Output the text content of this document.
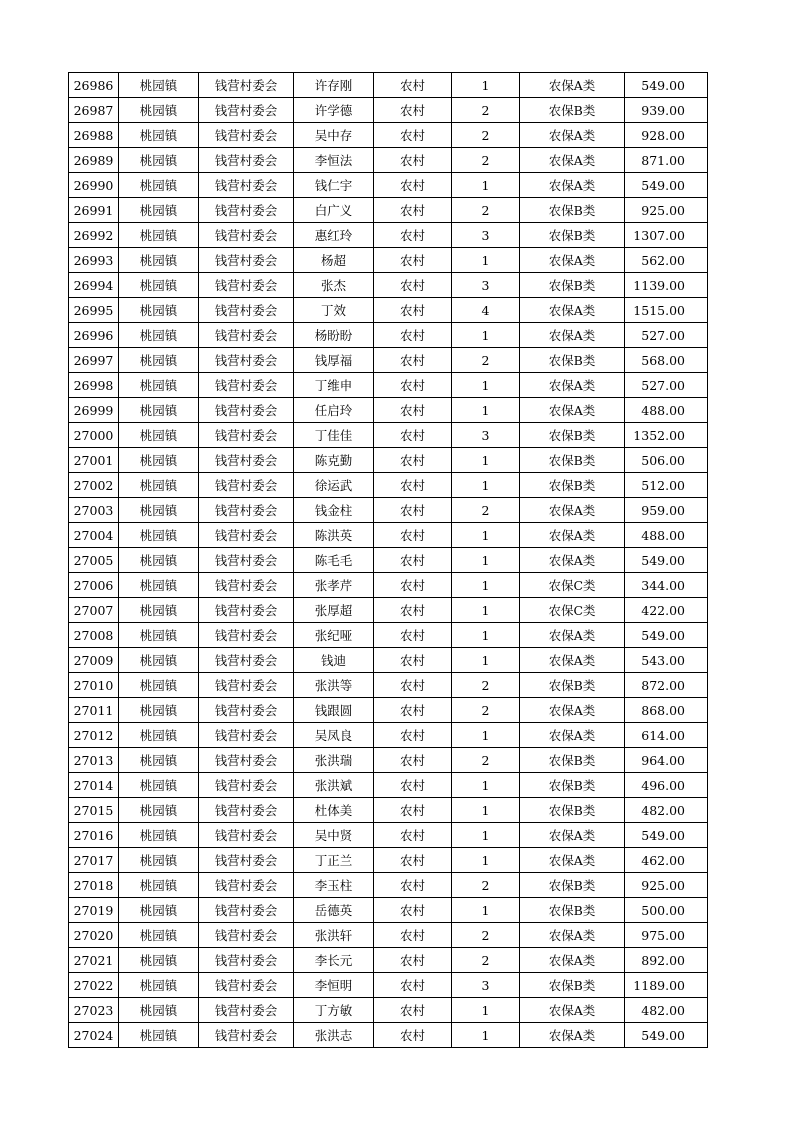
26986	桃园镇	钱营村委会	许存刚	农村	1	农保A类	549.00
26987	桃园镇	钱营村委会	许学德	农村	2	农保B类	939.00
26988	桃园镇	钱营村委会	吴中存	农村	2	农保A类	928.00
26989	桃园镇	钱营村委会	李恒法	农村	2	农保A类	871.00
26990	桃园镇	钱营村委会	钱仁宇	农村	1	农保A类	549.00
26991	桃园镇	钱营村委会	白广义	农村	2	农保B类	925.00
26992	桃园镇	钱营村委会	惠红玲	农村	3	农保B类	1307.00
26993	桃园镇	钱营村委会	杨超	农村	1	农保A类	562.00
26994	桃园镇	钱营村委会	张杰	农村	3	农保B类	1139.00
26995	桃园镇	钱营村委会	丁效	农村	4	农保A类	1515.00
26996	桃园镇	钱营村委会	杨盼盼	农村	1	农保A类	527.00
26997	桃园镇	钱营村委会	钱厚福	农村	2	农保B类	568.00
26998	桃园镇	钱营村委会	丁维申	农村	1	农保A类	527.00
26999	桃园镇	钱营村委会	任启玲	农村	1	农保A类	488.00
27000	桃园镇	钱营村委会	丁佳佳	农村	3	农保B类	1352.00
27001	桃园镇	钱营村委会	陈克勤	农村	1	农保B类	506.00
27002	桃园镇	钱营村委会	徐运武	农村	1	农保B类	512.00
27003	桃园镇	钱营村委会	钱金柱	农村	2	农保A类	959.00
27004	桃园镇	钱营村委会	陈洪英	农村	1	农保A类	488.00
27005	桃园镇	钱营村委会	陈毛毛	农村	1	农保A类	549.00
27006	桃园镇	钱营村委会	张孝芹	农村	1	农保C类	344.00
27007	桃园镇	钱营村委会	张厚超	农村	1	农保C类	422.00
27008	桃园镇	钱营村委会	张纪哑	农村	1	农保A类	549.00
27009	桃园镇	钱营村委会	钱迪	农村	1	农保A类	543.00
27010	桃园镇	钱营村委会	张洪等	农村	2	农保B类	872.00
27011	桃园镇	钱营村委会	钱跟圆	农村	2	农保A类	868.00
27012	桃园镇	钱营村委会	吴凤良	农村	1	农保A类	614.00
27013	桃园镇	钱营村委会	张洪瑞	农村	2	农保B类	964.00
27014	桃园镇	钱营村委会	张洪斌	农村	1	农保B类	496.00
27015	桃园镇	钱营村委会	杜体美	农村	1	农保B类	482.00
27016	桃园镇	钱营村委会	吴中贤	农村	1	农保A类	549.00
27017	桃园镇	钱营村委会	丁正兰	农村	1	农保A类	462.00
27018	桃园镇	钱营村委会	李玉柱	农村	2	农保B类	925.00
27019	桃园镇	钱营村委会	岳德英	农村	1	农保B类	500.00
27020	桃园镇	钱营村委会	张洪轩	农村	2	农保A类	975.00
27021	桃园镇	钱营村委会	李长元	农村	2	农保A类	892.00
27022	桃园镇	钱营村委会	李恒明	农村	3	农保B类	1189.00
27023	桃园镇	钱营村委会	丁方敏	农村	1	农保A类	482.00
27024	桃园镇	钱营村委会	张洪志	农村	1	农保A类	549.00
